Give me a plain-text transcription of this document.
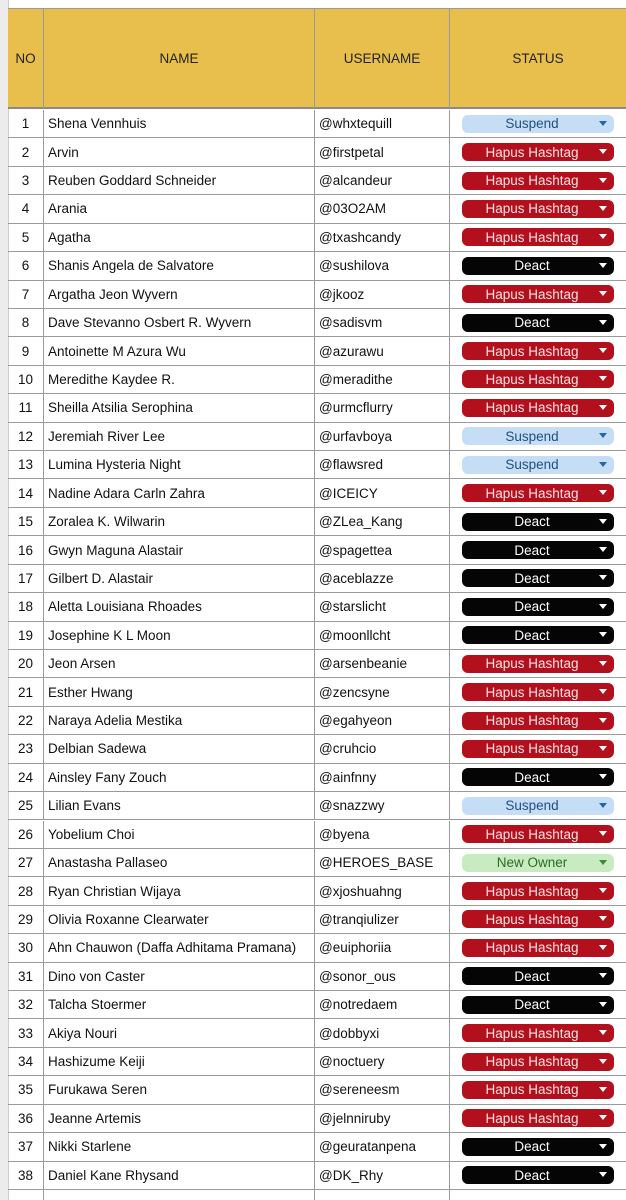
NO	NAME	USERNAME	STATUS
1	Shena Vennhuis	@whxtequill	Suspend
2	Arvin	@firstpetal	Hapus Hashtag
3	Reuben Goddard Schneider	@alcandeur	Hapus Hashtag
4	Arania	@03O2AM	Hapus Hashtag
5	Agatha	@txashcandy	Hapus Hashtag
6	Shanis Angela de Salvatore	@sushilova	Deact
7	Argatha Jeon Wyvern	@jkooz	Hapus Hashtag
8	Dave Stevanno Osbert R. Wyvern	@sadisvm	Deact
9	Antoinette M Azura Wu	@azurawu	Hapus Hashtag
10	Meredithe Kaydee R.	@meradithe	Hapus Hashtag
11	Sheilla Atsilia Serophina	@urmcflurry	Hapus Hashtag
12	Jeremiah River Lee	@urfavboya	Suspend
13	Lumina Hysteria Night	@flawsred	Suspend
14	Nadine Adara Carln Zahra	@ICEICY	Hapus Hashtag
15	Zoralea K. Wilwarin	@ZLea_Kang	Deact
16	Gwyn Maguna Alastair	@spagettea	Deact
17	Gilbert D. Alastair	@aceblazze	Deact
18	Aletta Louisiana Rhoades	@starslicht	Deact
19	Josephine K L Moon	@moonllcht	Deact
20	Jeon Arsen	@arsenbeanie	Hapus Hashtag
21	Esther Hwang	@zencsyne	Hapus Hashtag
22	Naraya Adelia Mestika	@egahyeon	Hapus Hashtag
23	Delbian Sadewa	@cruhcio	Hapus Hashtag
24	Ainsley Fany Zouch	@ainfnny	Deact
25	Lilian Evans	@snazzwy	Suspend
26	Yobelium Choi	@byena	Hapus Hashtag
27	Anastasha Pallaseo	@HEROES_BASE	New Owner
28	Ryan Christian Wijaya	@xjoshuahng	Hapus Hashtag
29	Olivia Roxanne Clearwater	@tranqiulizer	Hapus Hashtag
30	Ahn Chauwon (Daffa Adhitama Pramana)	@euiphoriia	Hapus Hashtag
31	Dino von Caster	@sonor_ous	Deact
32	Talcha Stoermer	@notredaem	Deact
33	Akiya Nouri	@dobbyxi	Hapus Hashtag
34	Hashizume Keiji	@noctuery	Hapus Hashtag
35	Furukawa Seren	@sereneesm	Hapus Hashtag
36	Jeanne Artemis	@jelnniruby	Hapus Hashtag
37	Nikki Starlene	@geuratanpena	Deact
38	Daniel Kane Rhysand	@DK_Rhy	Deact
